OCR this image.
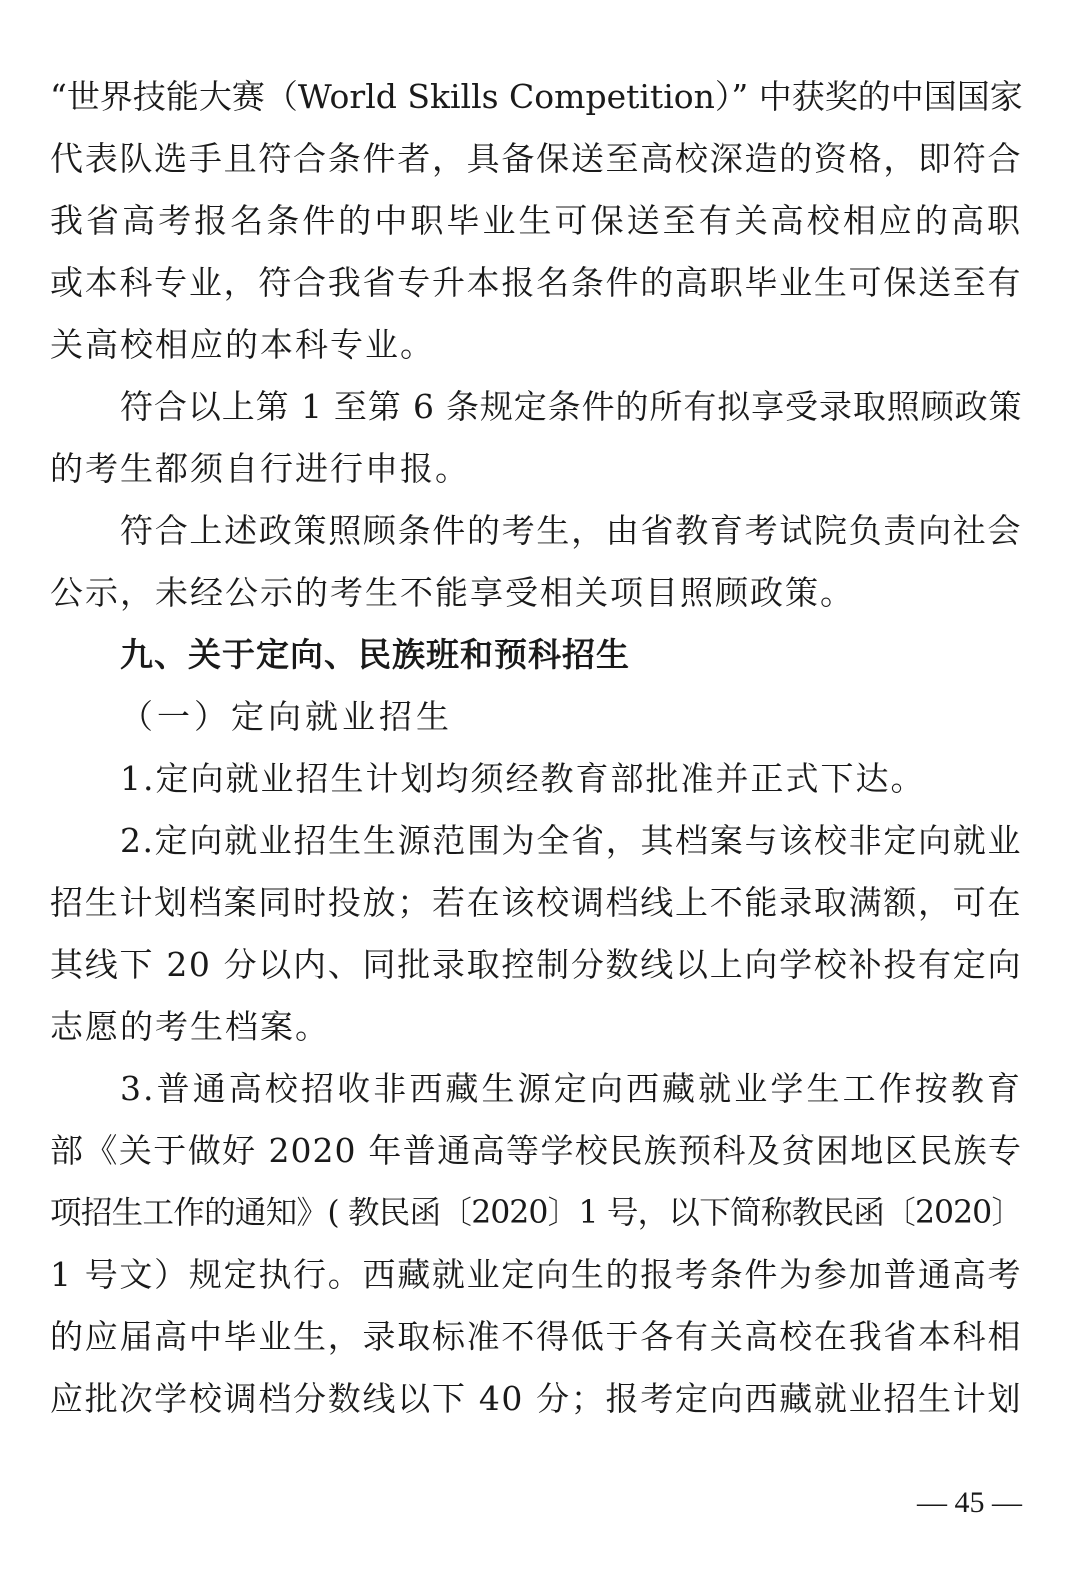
“世界技能大赛（World Skills Competition）” 中获奖的中国国家
代表队选手且符合条件者，具备保送至高校深造的资格，即符合
我省高考报名条件的中职毕业生可保送至有关高校相应的高职
或本科专业，符合我省专升本报名条件的高职毕业生可保送至有
关高校相应的本科专业。
符合以上第 1 至第 6 条规定条件的所有拟享受录取照顾政策
的考生都须自行进行申报。
符合上述政策照顾条件的考生，由省教育考试院负责向社会
公示，未经公示的考生不能享受相关项目照顾政策。
九、关于定向、民族班和预科招生
（一）定向就业招生
1.定向就业招生计划均须经教育部批准并正式下达。
2.定向就业招生生源范围为全省，其档案与该校非定向就业
招生计划档案同时投放；若在该校调档线上不能录取满额，可在
其线下 20 分以内、同批录取控制分数线以上向学校补投有定向
志愿的考生档案。
3.普通高校招收非西藏生源定向西藏就业学生工作按教育
部《关于做好 2020 年普通高等学校民族预科及贫困地区民族专
项招生工作的通知》( 教民函〔2020〕1 号，以下简称教民函〔2020〕
1 号文）规定执行。西藏就业定向生的报考条件为参加普通高考
的应届高中毕业生，录取标准不得低于各有关高校在我省本科相
应批次学校调档分数线以下 40 分；报考定向西藏就业招生计划
— 45 —
